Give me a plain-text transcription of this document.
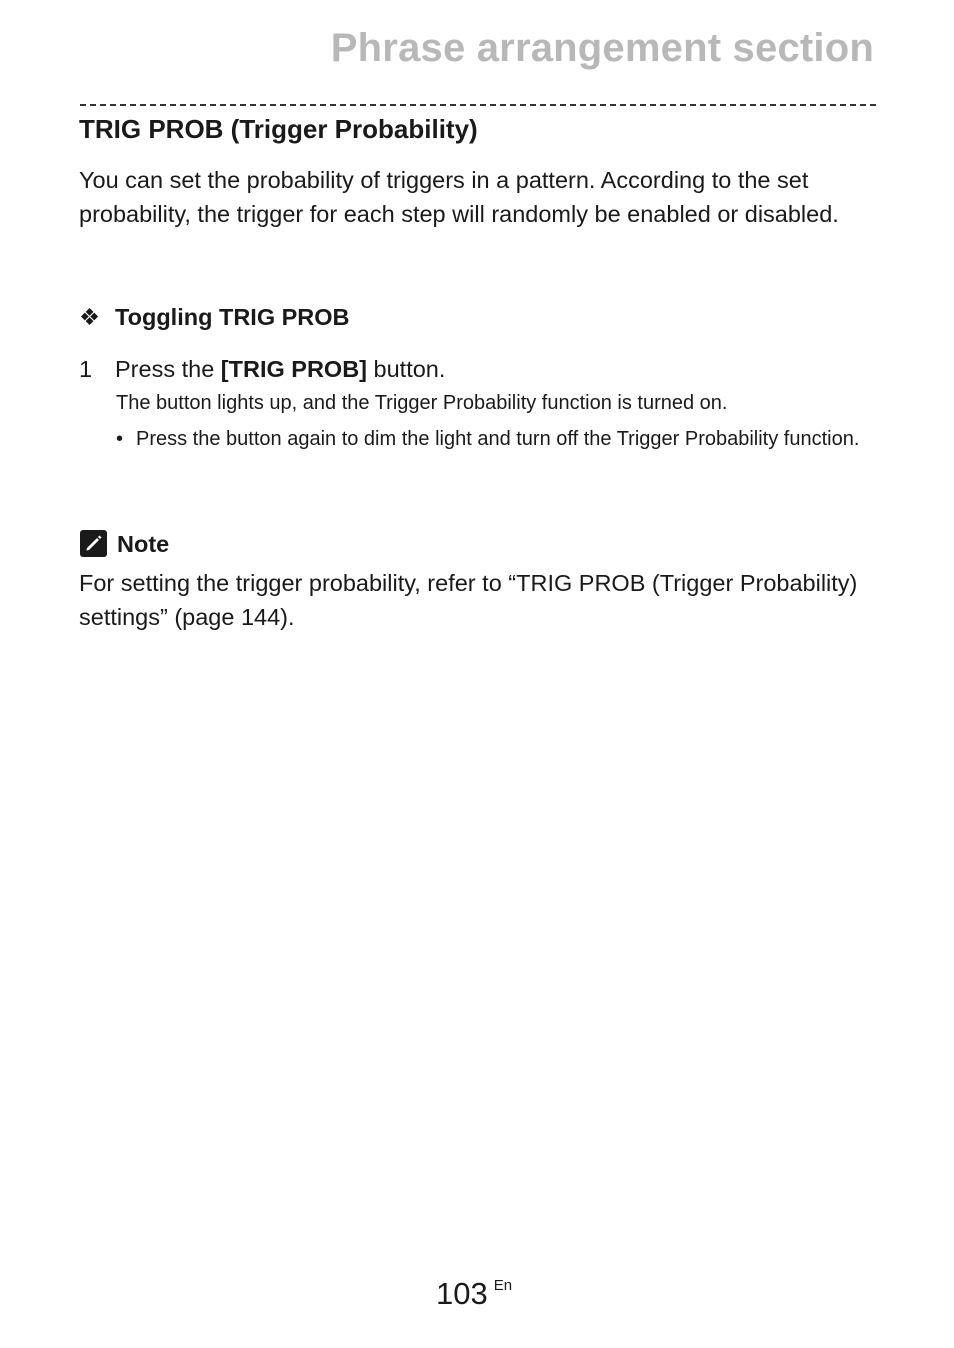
Phrase arrangement section
TRIG PROB (Trigger Probability)

You can set the probability of triggers in a pattern. According to the set probability, the trigger for each step will randomly be enabled or disabled.

❖ Toggling TRIG PROB
1 Press the [TRIG PROB] button.
The button lights up, and the Trigger Probability function is turned on.
• Press the button again to dim the light and turn off the Trigger Probability function.
Note

For setting the trigger probability, refer to “TRIG PROB (Trigger Probability) settings” (page 144).

103 En
